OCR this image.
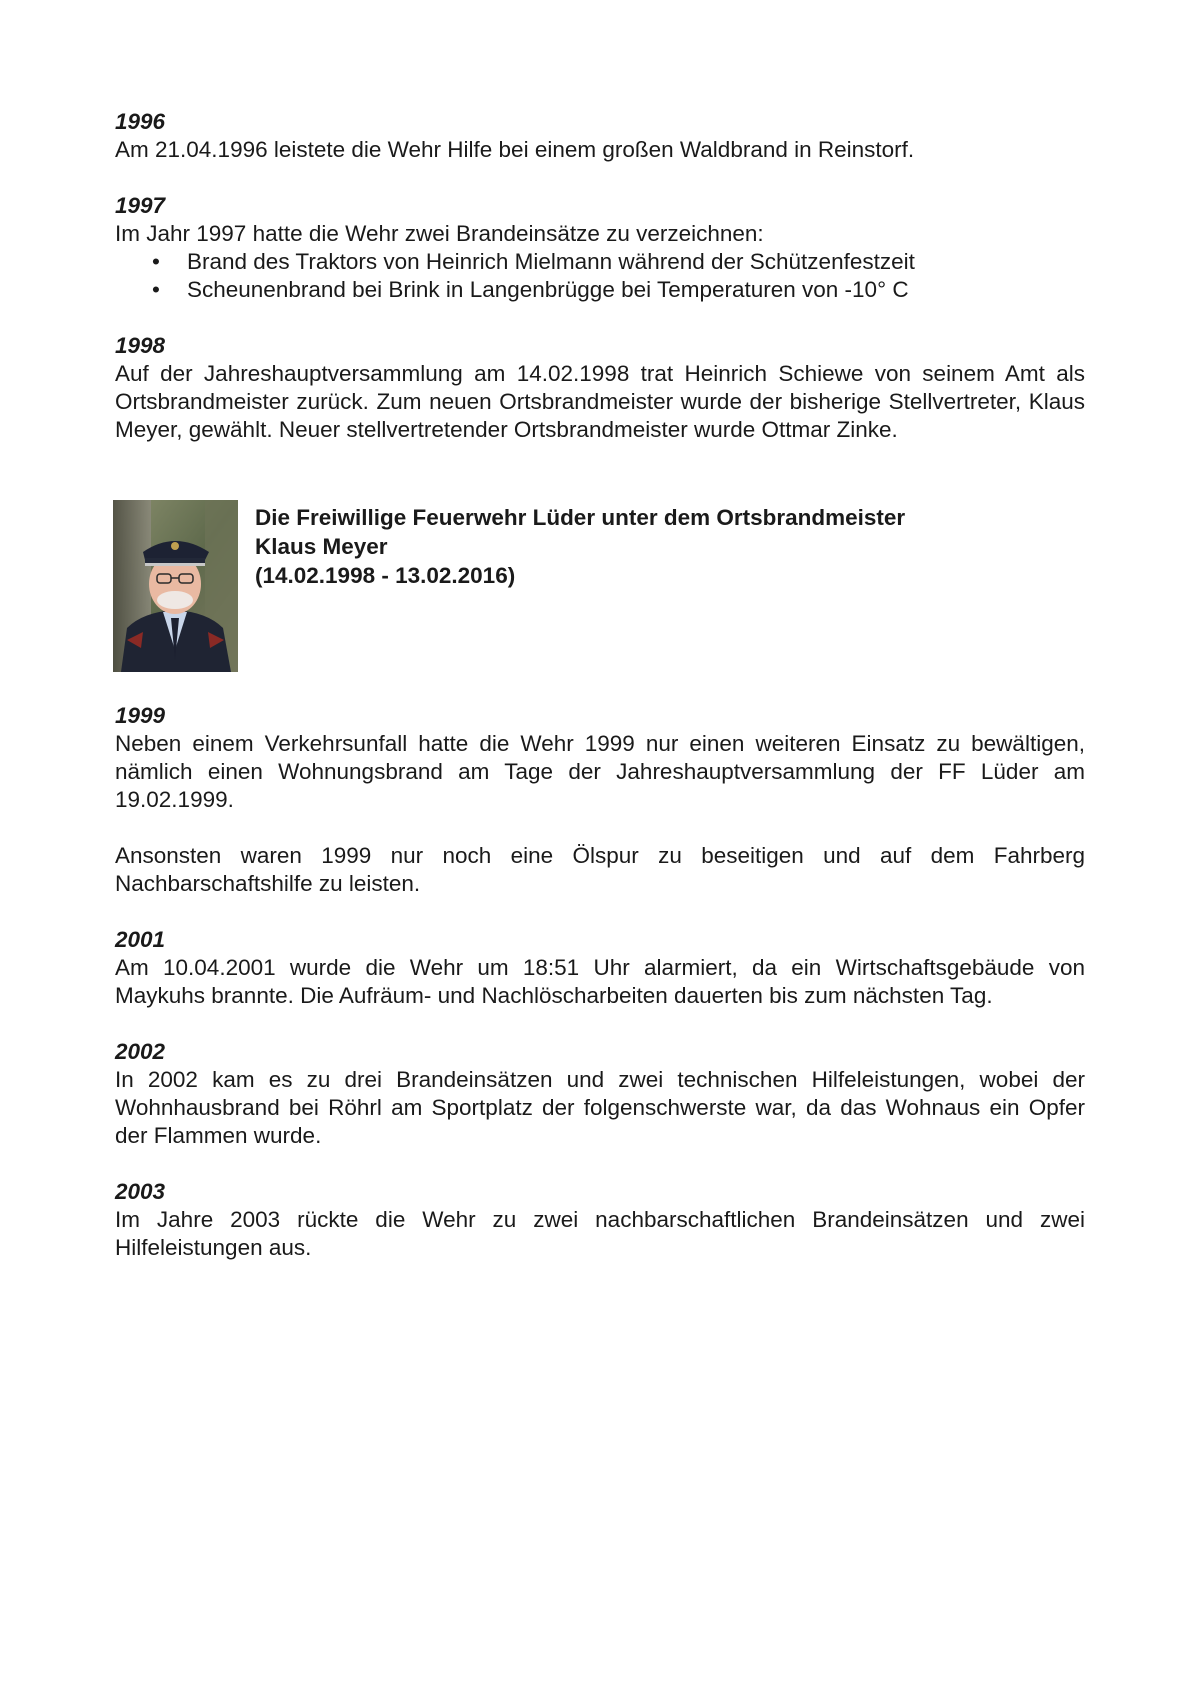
1996

Am 21.04.1996 leistete die Wehr Hilfe bei einem großen Waldbrand in Reinstorf.

1997

Im Jahr 1997 hatte die Wehr zwei Brandeinsätze zu verzeichnen:

• Brand des Traktors von Heinrich Mielmann während der Schützenfestzeit
• Scheunenbrand bei Brink in Langenbrügge bei Temperaturen von -10° C

1998

Auf der Jahreshauptversammlung am 14.02.1998 trat Heinrich Schiewe von seinem Amt als Ortsbrandmeister zurück. Zum neuen Ortsbrandmeister wurde der bisherige Stellvertreter, Klaus Meyer, gewählt. Neuer stellvertretender Ortsbrandmeister wurde Ottmar Zinke.

Die Freiwillige Feuerwehr Lüder unter dem Ortsbrandmeister
Klaus Meyer
(14.02.1998 - 13.02.2016)

1999

Neben einem Verkehrsunfall hatte die Wehr 1999 nur einen weiteren Einsatz zu bewältigen, nämlich einen Wohnungsbrand am Tage der Jahreshauptversammlung der FF Lüder am 19.02.1999.

Ansonsten waren 1999 nur noch eine Ölspur zu beseitigen und auf dem Fahrberg Nachbarschaftshilfe zu leisten.

2001

Am 10.04.2001 wurde die Wehr um 18:51 Uhr alarmiert, da ein Wirtschaftsgebäude von Maykuhs brannte. Die Aufräum- und Nachlöscharbeiten dauerten bis zum nächsten Tag.

2002

In 2002 kam es zu drei Brandeinsätzen und zwei technischen Hilfeleistungen, wobei der Wohnhausbrand bei Röhrl am Sportplatz der folgenschwerste war, da das Wohnaus ein Opfer der Flammen wurde.

2003

Im Jahre 2003 rückte die Wehr zu zwei nachbarschaftlichen Brandeinsätzen und zwei Hilfeleistungen aus.
